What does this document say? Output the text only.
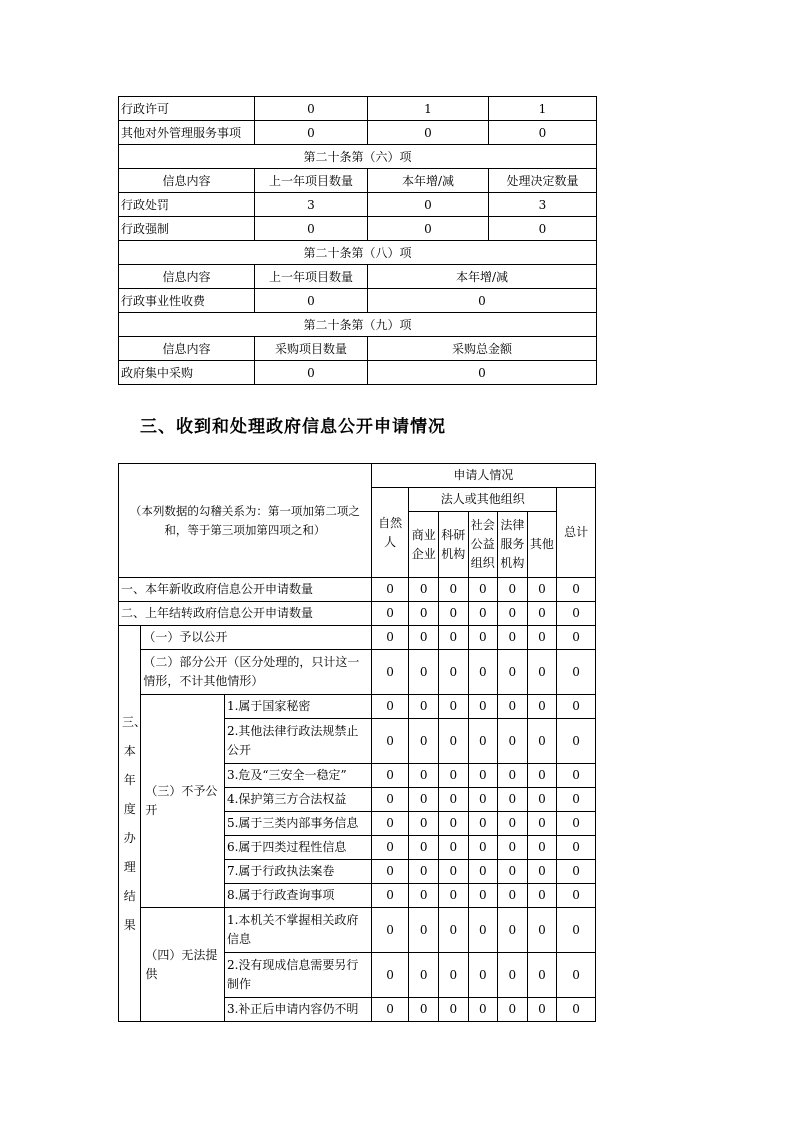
行政许可	0	1	1
其他对外管理服务事项	0	0	0
第二十条第（六）项			
信息内容	上一年项目数量	本年增/减	处理决定数量
行政处罚	3	0	3
行政强制	0	0	0
第二十条第（八）项			
信息内容	上一年项目数量	本年增/减	
行政事业性收费	0	0	
第二十条第（九）项			
信息内容	采购项目数量	采购总金额	
政府集中采购	0	0	
三、收到和处理政府信息公开申请情况
（本列数据的勾稽关系为：第一项加第二项之和，等于第三项加第四项之和）			申请人情况						
			自然人	法人或其他组织					总计
				商业企业	科研机构	社会公益组织	法律服务机构	其他	
一、本年新收政府信息公开申请数量			0	0	0	0	0	0	0
二、上年结转政府信息公开申请数量			0	0	0	0	0	0	0
三、本年度办理结果	（一）予以公开		0	0	0	0	0	0	0
	（二）部分公开（区分处理的，只计这一情形，不计其他情形）		0	0	0	0	0	0	0
	（三）不予公开	1.属于国家秘密	0	0	0	0	0	0	0
		2.其他法律行政法规禁止公开	0	0	0	0	0	0	0
		3.危及“三安全一稳定”	0	0	0	0	0	0	0
		4.保护第三方合法权益	0	0	0	0	0	0	0
		5.属于三类内部事务信息	0	0	0	0	0	0	0
		6.属于四类过程性信息	0	0	0	0	0	0	0
		7.属于行政执法案卷	0	0	0	0	0	0	0
		8.属于行政查询事项	0	0	0	0	0	0	0
	（四）无法提供	1.本机关不掌握相关政府信息	0	0	0	0	0	0	0
		2.没有现成信息需要另行制作	0	0	0	0	0	0	0
		3.补正后申请内容仍不明	0	0	0	0	0	0	0
